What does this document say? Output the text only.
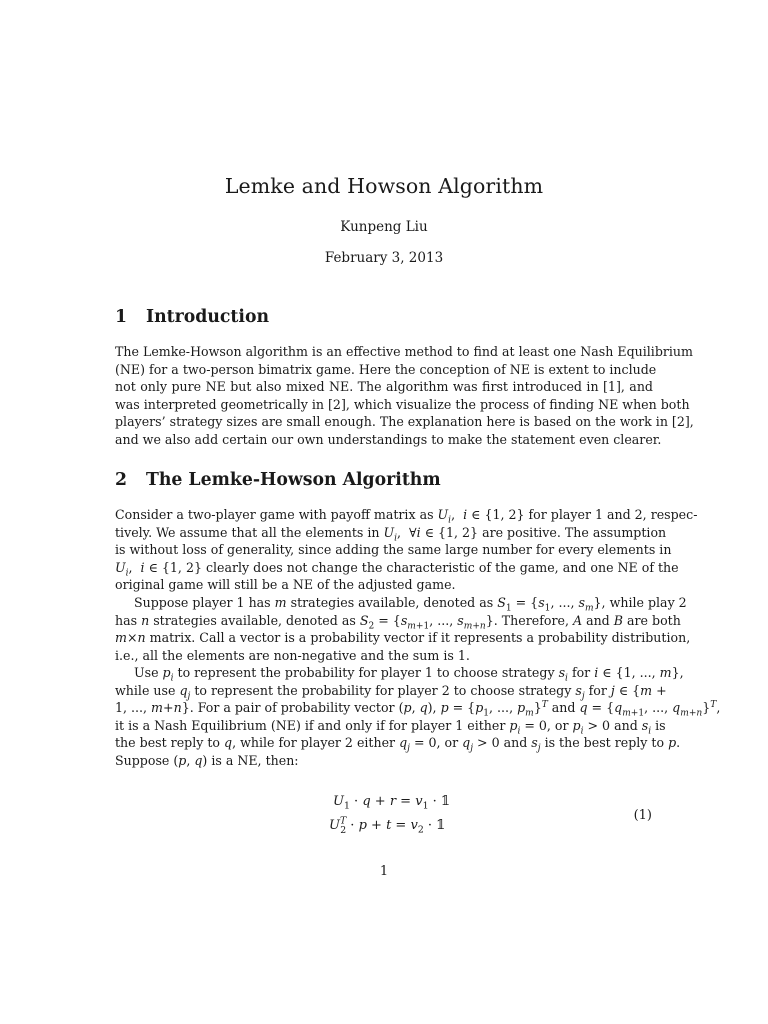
Lemke and Howson Algorithm
Kunpeng Liu
February 3, 2013
1 Introduction
The Lemke-Howson algorithm is an effective method to find at least one Nash Equilibrium
(NE) for a two-person bimatrix game. Here the conception of NE is extent to include
not only pure NE but also mixed NE. The algorithm was first introduced in [1], and
was interpreted geometrically in [2], which visualize the process of finding NE when both
players’ strategy sizes are small enough. The explanation here is based on the work in [2],
and we also add certain our own understandings to make the statement even clearer.
2 The Lemke-Howson Algorithm
Consider a two-player game with payoff matrix as $U_i$,  i ∈ {1, 2} for player 1 and 2, respec-
tively. We assume that all the elements in $U_i$,  ∀i ∈ {1, 2} are positive. The assumption
is without loss of generality, since adding the same large number for every elements in
$U_i$,  i ∈ {1, 2} clearly does not change the characteristic of the game, and one NE of the
original game will still be a NE of the adjusted game.
Suppose player 1 has m strategies available, denoted as $S_1 = \{s_1$, ..., $s_m$}, while play 2
has n strategies available, denoted as $S_2 = \{s_{m+1}$, ..., $s_{m+n}$}. Therefore, A and B are both
m×n matrix. Call a vector is a probability vector if it represents a probability distribution,
i.e., all the elements are non-negative and the sum is 1.
Use $p_i$ to represent the probability for player 1 to choose strategy $s_i$ for i ∈ {1, ..., m},
while use $q_j$ to represent the probability for player 2 to choose strategy $s_j$ for j ∈ {m +
1, ..., m+n}. For a pair of probability vector (p, q), $p = \{p_1$, ..., $p_m\}^T$ and $q = \{q_{m+1}$, ..., $q_{m+n}\}^T$,
it is a Nash Equilibrium (NE) if and only if for player 1 either $p_i = 0$, or $p_i > 0$ and $s_i$ is
the best reply to q, while for player 2 either $q_j = 0$, or $q_j > 0$ and $s_j$ is the best reply to p.
Suppose (p, q) is a NE, then:
$U_1 \cdot q + r = v_1$ · 𝟙
$U^T_2 \cdot p + t = v_2$ · 𝟙
(1)
1
